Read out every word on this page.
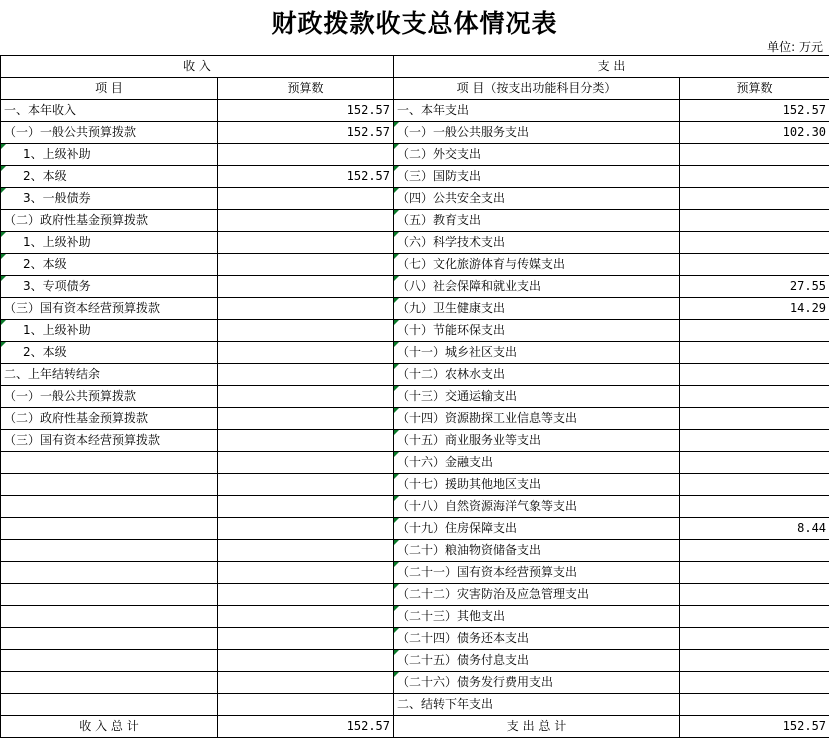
财政拨款收支总体情况表
单位: 万元
收 入		支 出	
项 目	预算数	项 目（按支出功能科目分类）	预算数
一、本年收入	152.57	一、本年支出	152.57
（一）一般公共预算拨款	152.57	（一）一般公共服务支出	102.30
1、上级补助		（二）外交支出	
2、本级	152.57	（三）国防支出	
3、一般债券		（四）公共安全支出	
（二）政府性基金预算拨款		（五）教育支出	
1、上级补助		（六）科学技术支出	
2、本级		（七）文化旅游体育与传媒支出	
3、专项债务		（八）社会保障和就业支出	27.55
（三）国有资本经营预算拨款		（九）卫生健康支出	14.29
1、上级补助		（十）节能环保支出	
2、本级		（十一）城乡社区支出	
二、上年结转结余		（十二）农林水支出	
（一）一般公共预算拨款		（十三）交通运输支出	
（二）政府性基金预算拨款		（十四）资源勘探工业信息等支出	
（三）国有资本经营预算拨款		（十五）商业服务业等支出	
		（十六）金融支出	
		（十七）援助其他地区支出	
		（十八）自然资源海洋气象等支出	
		（十九）住房保障支出	8.44
		（二十）粮油物资储备支出	
		（二十一）国有资本经营预算支出	
		（二十二）灾害防治及应急管理支出	
		（二十三）其他支出	
		（二十四）债务还本支出	
		（二十五）债务付息支出	
		（二十六）债务发行费用支出	
		二、结转下年支出	
收 入 总 计	152.57	支 出 总 计	152.57
